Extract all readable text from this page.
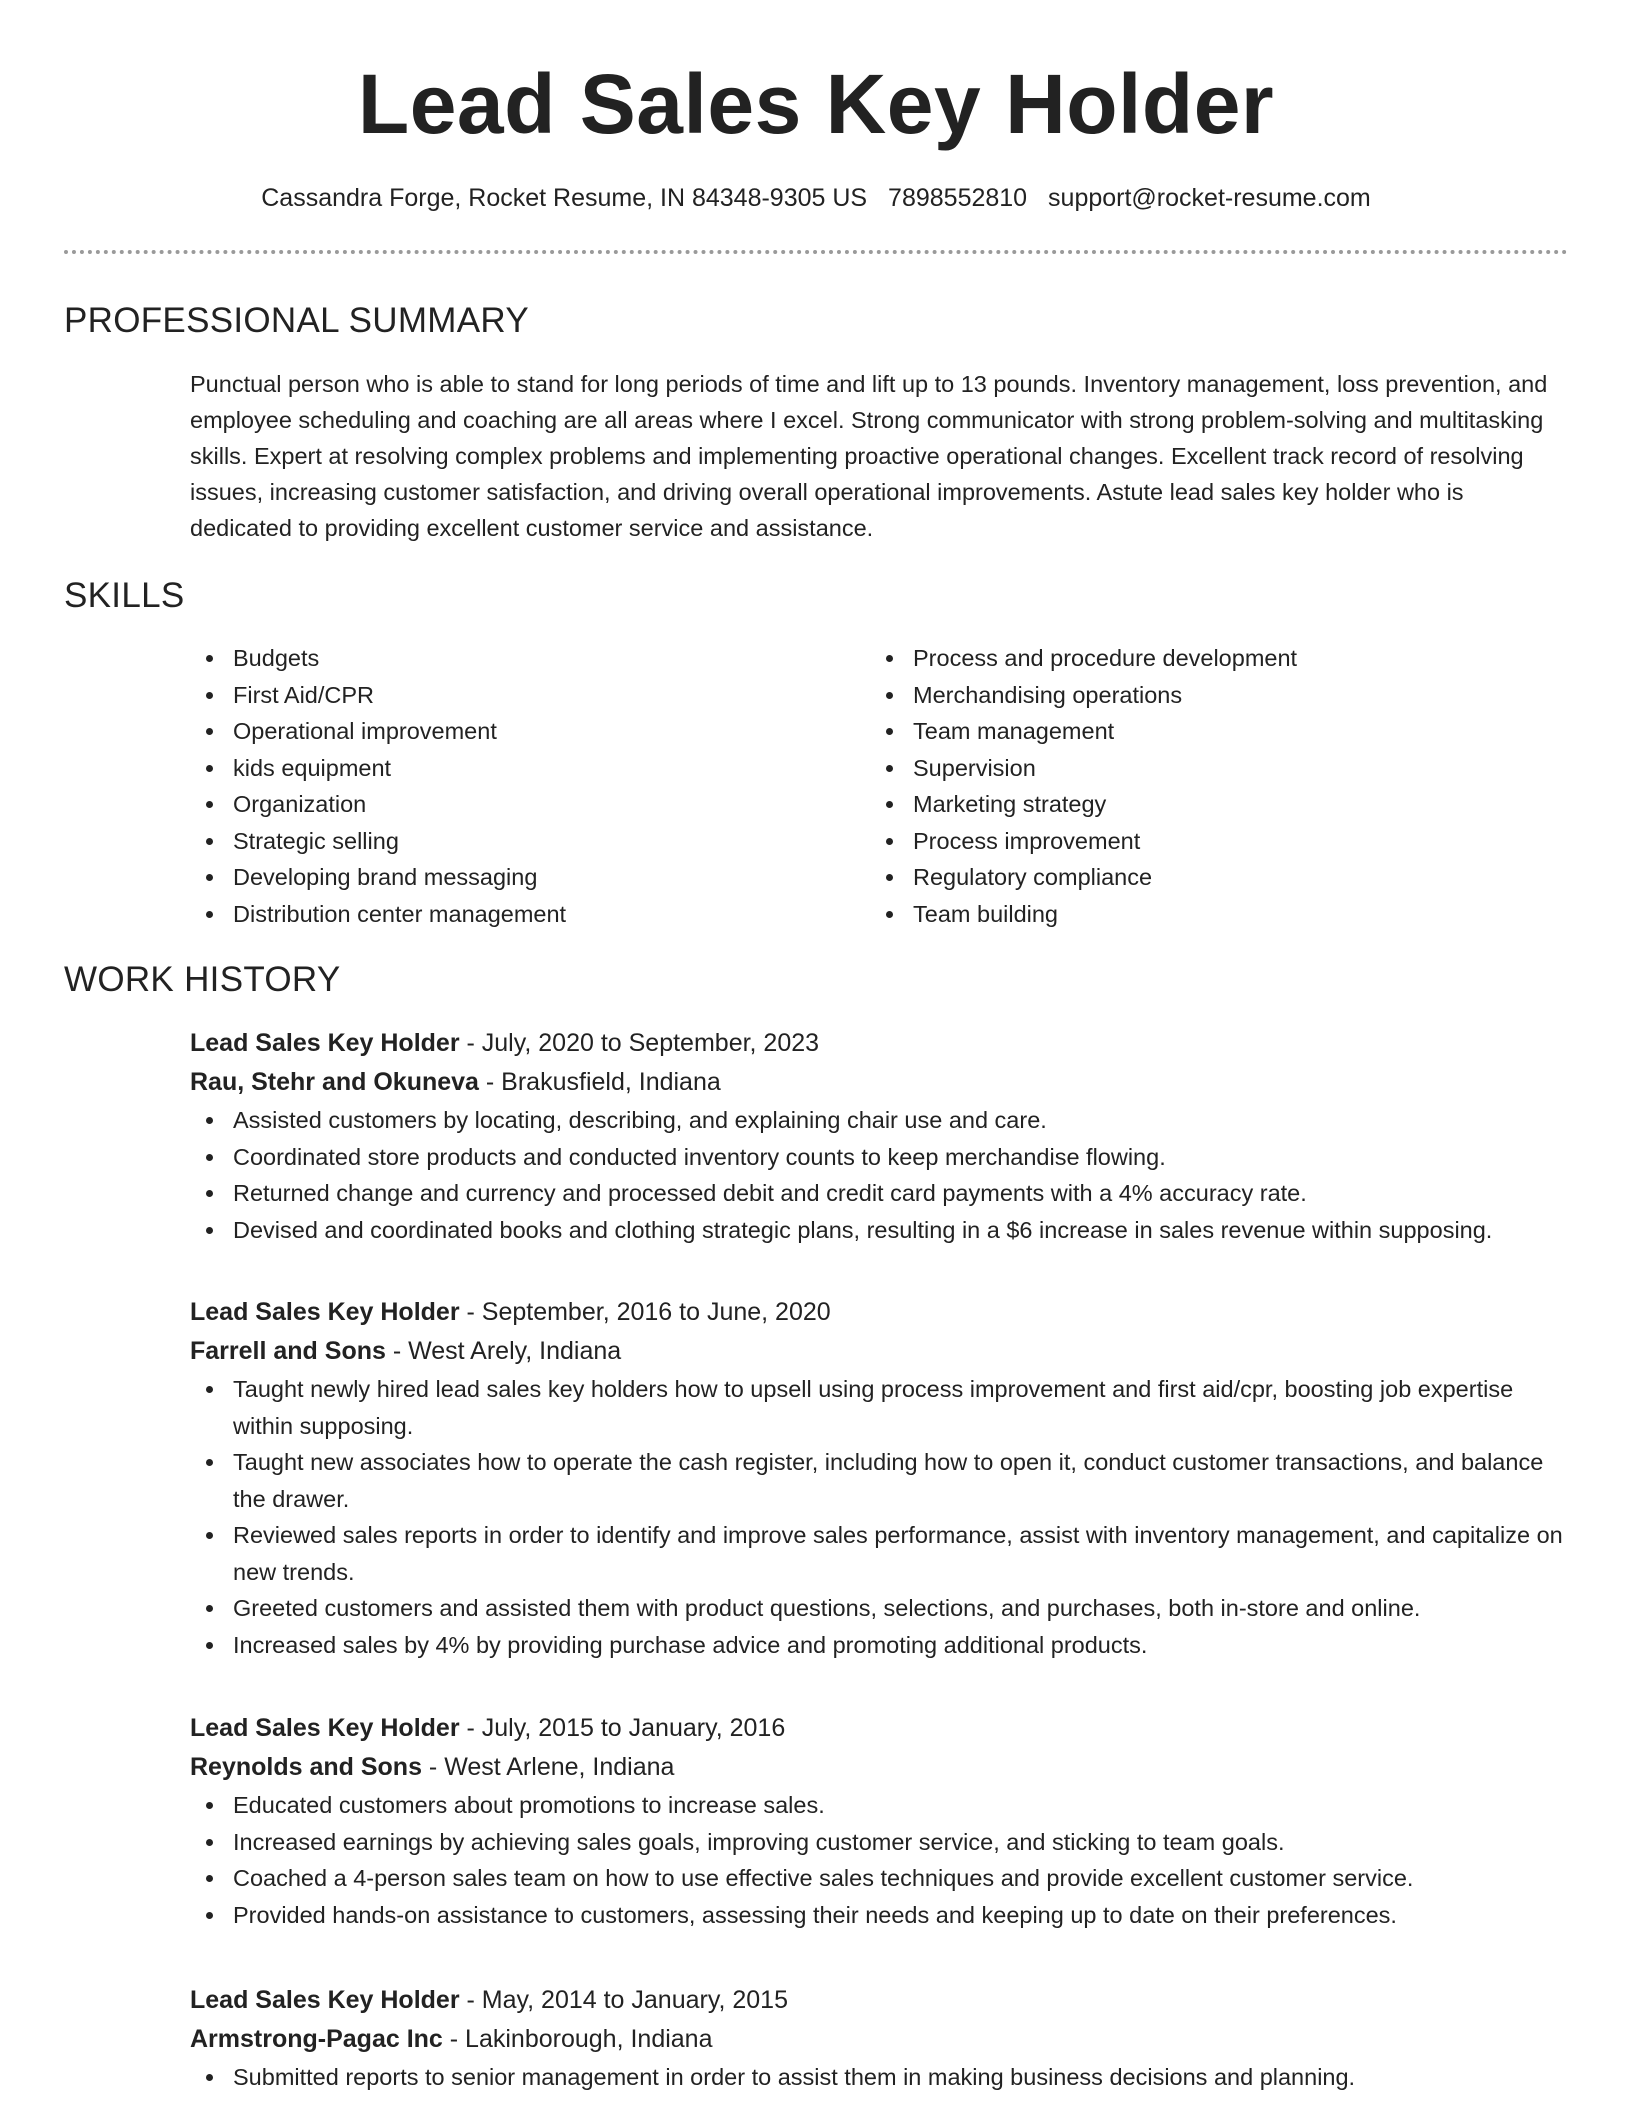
Lead Sales Key Holder
Cassandra Forge, Rocket Resume, IN 84348-9305 US 7898552810 support@rocket-resume.com
PROFESSIONAL SUMMARY

Punctual person who is able to stand for long periods of time and lift up to 13 pounds. Inventory management, loss prevention, and employee scheduling and coaching are all areas where I excel. Strong communicator with strong problem-solving and multitasking skills. Expert at resolving complex problems and implementing proactive operational changes. Excellent track record of resolving issues, increasing customer satisfaction, and driving overall operational improvements. Astute lead sales key holder who is dedicated to providing excellent customer service and assistance.

SKILLS
Budgets
First Aid/CPR
Operational improvement
kids equipment
Organization
Strategic selling
Developing brand messaging
Distribution center management
Process and procedure development
Merchandising operations
Team management
Supervision
Marketing strategy
Process improvement
Regulatory compliance
Team building
WORK HISTORY

Lead Sales Key Holder - July, 2020 to September, 2023

Rau, Stehr and Okuneva - Brakusfield, Indiana

Assisted customers by locating, describing, and explaining chair use and care.
Coordinated store products and conducted inventory counts to keep merchandise flowing.
Returned change and currency and processed debit and credit card payments with a 4% accuracy rate.
Devised and coordinated books and clothing strategic plans, resulting in a $6 increase in sales revenue within supposing.

Lead Sales Key Holder - September, 2016 to June, 2020

Farrell and Sons - West Arely, Indiana

Taught newly hired lead sales key holders how to upsell using process improvement and first aid/cpr, boosting job expertise within supposing.
Taught new associates how to operate the cash register, including how to open it, conduct customer transactions, and balance the drawer.
Reviewed sales reports in order to identify and improve sales performance, assist with inventory management, and capitalize on new trends.
Greeted customers and assisted them with product questions, selections, and purchases, both in-store and online.
Increased sales by 4% by providing purchase advice and promoting additional products.

Lead Sales Key Holder - July, 2015 to January, 2016

Reynolds and Sons - West Arlene, Indiana

Educated customers about promotions to increase sales.
Increased earnings by achieving sales goals, improving customer service, and sticking to team goals.
Coached a 4-person sales team on how to use effective sales techniques and provide excellent customer service.
Provided hands-on assistance to customers, assessing their needs and keeping up to date on their preferences.

Lead Sales Key Holder - May, 2014 to January, 2015

Armstrong-Pagac Inc - Lakinborough, Indiana

Submitted reports to senior management in order to assist them in making business decisions and planning.
